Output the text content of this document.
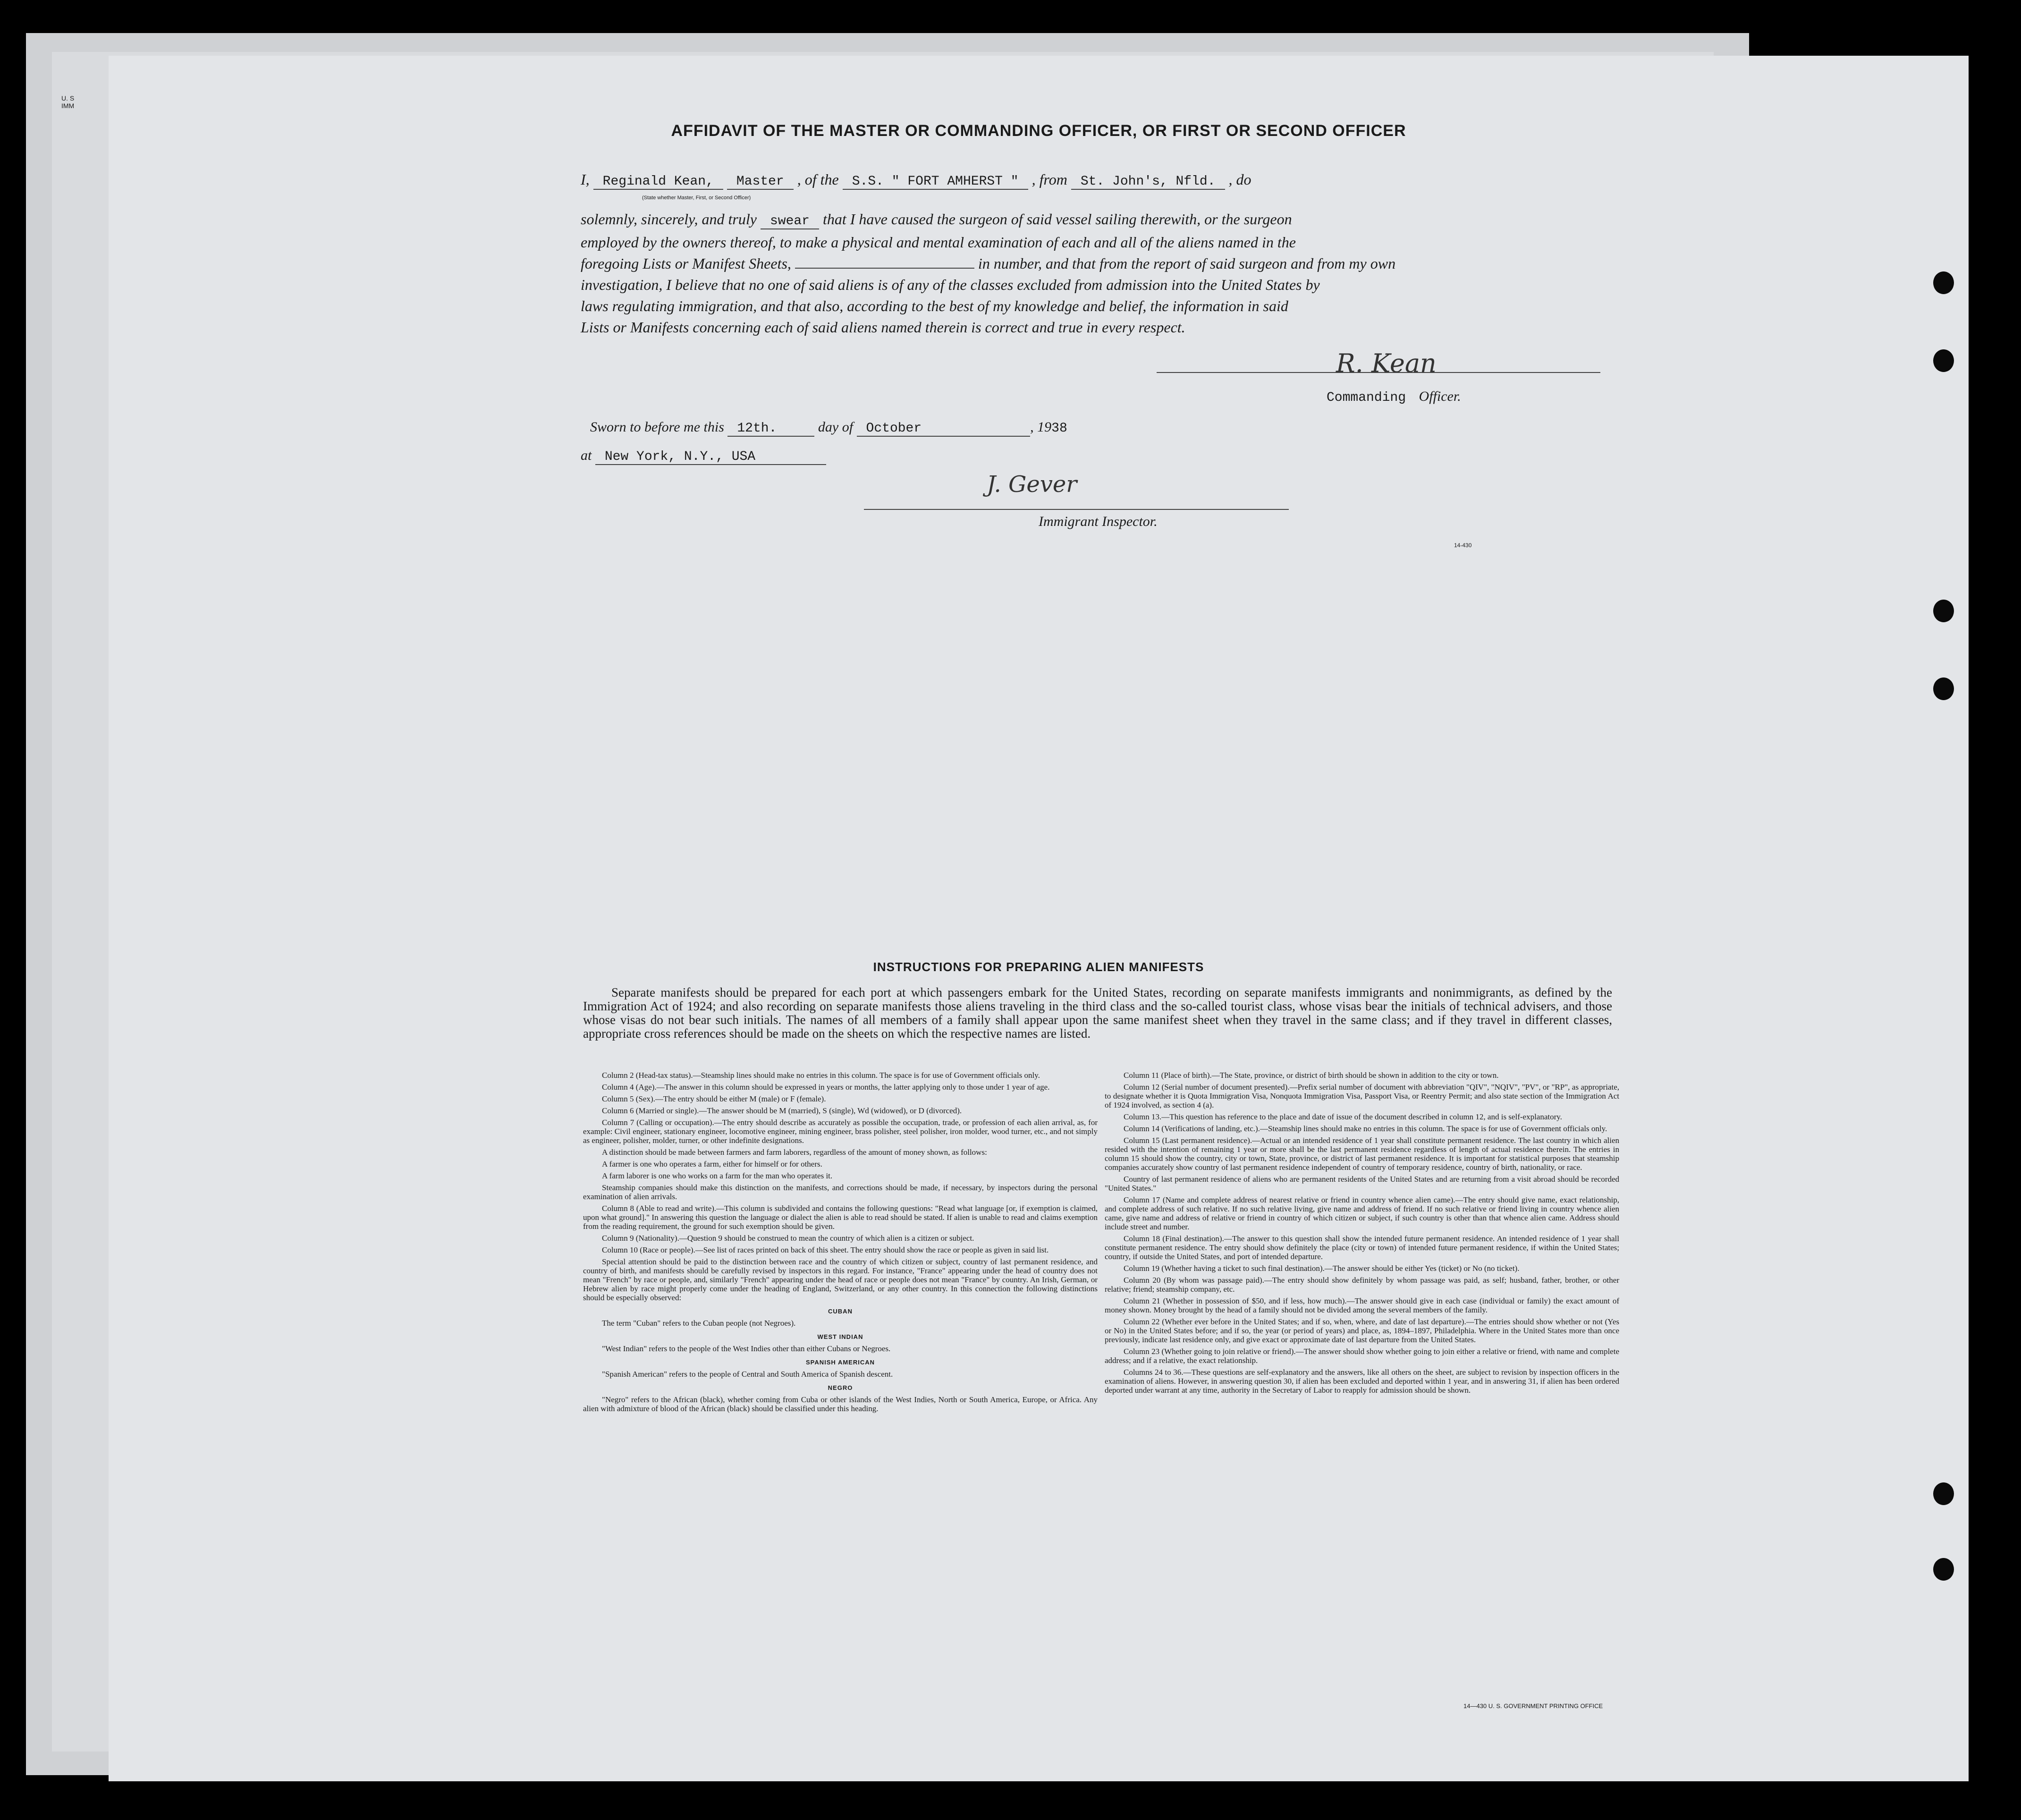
U. S
IMM
AFFIDAVIT OF THE MASTER OR COMMANDING OFFICER, OR FIRST OR SECOND OFFICER
I, Reginald Kean, Master , of the S.S. " FORT AMHERST " , from St. John's, Nfld. , do
(State whether Master, First, or Second Officer)
solemnly, sincerely, and truly swear that I have caused the surgeon of said vessel sailing therewith, or the surgeon
employed by the owners thereof, to make a physical and mental examination of each and all of the aliens named in the
foregoing Lists or Manifest Sheets,	in number, and that from the report of said surgeon and from my own
investigation, I believe that no one of said aliens is of any of the classes excluded from admission into the United States by
laws regulating immigration, and that also, according to the best of my knowledge and belief, the information in said
Lists or Manifests concerning each of said aliens named therein is correct and true in every respect.
R. Kean
Commanding Officer.
Sworn to before me this 12th.	day of October	, 1938
at New York, N.Y., USA
J. Gever
Immigrant Inspector.
14-430
INSTRUCTIONS FOR PREPARING ALIEN MANIFESTS
Separate manifests should be prepared for each port at which passengers embark for the United States, recording on separate manifests immigrants and nonimmigrants, as defined by the Immigration Act of 1924; and also recording on separate manifests those aliens traveling in the third class and the so-called tourist class, whose visas bear the initials of technical advisers, and those whose visas do not bear such initials. The names of all members of a family shall appear upon the same manifest sheet when they travel in the same class; and if they travel in different classes, appropriate cross references should be made on the sheets on which the respective names are listed.

Column 2 (Head-tax status).—Steamship lines should make no entries in this column. The space is for use of Government officials only.

Column 4 (Age).—The answer in this column should be expressed in years or months, the latter applying only to those under 1 year of age.

Column 5 (Sex).—The entry should be either M (male) or F (female).

Column 6 (Married or single).—The answer should be M (married), S (single), Wd (widowed), or D (divorced).

Column 7 (Calling or occupation).—The entry should describe as accurately as possible the occupation, trade, or profession of each alien arrival, as, for example: Civil engineer, stationary engineer, locomotive engineer, mining engineer, brass polisher, steel polisher, iron molder, wood turner, etc., and not simply as engineer, polisher, molder, turner, or other indefinite designations.

A distinction should be made between farmers and farm laborers, regardless of the amount of money shown, as follows:

A farmer is one who operates a farm, either for himself or for others.

A farm laborer is one who works on a farm for the man who operates it.

Steamship companies should make this distinction on the manifests, and corrections should be made, if necessary, by inspectors during the personal examination of alien arrivals.

Column 8 (Able to read and write).—This column is subdivided and contains the following questions: "Read what language [or, if exemption is claimed, upon what ground]." In answering this question the language or dialect the alien is able to read should be stated. If alien is unable to read and claims exemption from the reading requirement, the ground for such exemption should be given.

Column 9 (Nationality).—Question 9 should be construed to mean the country of which alien is a citizen or subject.

Column 10 (Race or people).—See list of races printed on back of this sheet. The entry should show the race or people as given in said list.

Special attention should be paid to the distinction between race and the country of which citizen or subject, country of last permanent residence, and country of birth, and manifests should be carefully revised by inspectors in this regard. For instance, "France" appearing under the head of country does not mean "French" by race or people, and, similarly "French" appearing under the head of race or people does not mean "France" by country. An Irish, German, or Hebrew alien by race might properly come under the heading of England, Switzerland, or any other country. In this connection the following distinctions should be especially observed:

CUBAN

The term "Cuban" refers to the Cuban people (not Negroes).

WEST INDIAN

"West Indian" refers to the people of the West Indies other than either Cubans or Negroes.

SPANISH AMERICAN

"Spanish American" refers to the people of Central and South America of Spanish descent.

NEGRO

"Negro" refers to the African (black), whether coming from Cuba or other islands of the West Indies, North or South America, Europe, or Africa. Any alien with admixture of blood of the African (black) should be classified under this heading.

Column 11 (Place of birth).—The State, province, or district of birth should be shown in addition to the city or town.

Column 12 (Serial number of document presented).—Prefix serial number of document with abbreviation "QIV", "NQIV", "PV", or "RP", as appropriate, to designate whether it is Quota Immigration Visa, Nonquota Immigration Visa, Passport Visa, or Reentry Permit; and also state section of the Immigration Act of 1924 involved, as section 4 (a).

Column 13.—This question has reference to the place and date of issue of the document described in column 12, and is self-explanatory.

Column 14 (Verifications of landing, etc.).—Steamship lines should make no entries in this column. The space is for use of Government officials only.

Column 15 (Last permanent residence).—Actual or an intended residence of 1 year shall constitute permanent residence. The last country in which alien resided with the intention of remaining 1 year or more shall be the last permanent residence regardless of length of actual residence therein. The entries in column 15 should show the country, city or town, State, province, or district of last permanent residence. It is important for statistical purposes that steamship companies accurately show country of last permanent residence independent of country of temporary residence, country of birth, nationality, or race.

Country of last permanent residence of aliens who are permanent residents of the United States and are returning from a visit abroad should be recorded "United States."

Column 17 (Name and complete address of nearest relative or friend in country whence alien came).—The entry should give name, exact relationship, and complete address of such relative. If no such relative living, give name and address of friend. If no such relative or friend living in country whence alien came, give name and address of relative or friend in country of which citizen or subject, if such country is other than that whence alien came. Address should include street and number.

Column 18 (Final destination).—The answer to this question shall show the intended future permanent residence. An intended residence of 1 year shall constitute permanent residence. The entry should show definitely the place (city or town) of intended future permanent residence, if within the United States; country, if outside the United States, and port of intended departure.

Column 19 (Whether having a ticket to such final destination).—The answer should be either Yes (ticket) or No (no ticket).

Column 20 (By whom was passage paid).—The entry should show definitely by whom passage was paid, as self; husband, father, brother, or other relative; friend; steamship company, etc.

Column 21 (Whether in possession of $50, and if less, how much).—The answer should give in each case (individual or family) the exact amount of money shown. Money brought by the head of a family should not be divided among the several members of the family.

Column 22 (Whether ever before in the United States; and if so, when, where, and date of last departure).—The entries should show whether or not (Yes or No) in the United States before; and if so, the year (or period of years) and place, as, 1894–1897, Philadelphia. Where in the United States more than once previously, indicate last residence only, and give exact or approximate date of last departure from the United States.

Column 23 (Whether going to join relative or friend).—The answer should show whether going to join either a relative or friend, with name and complete address; and if a relative, the exact relationship.

Columns 24 to 36.—These questions are self-explanatory and the answers, like all others on the sheet, are subject to revision by inspection officers in the examination of aliens. However, in answering question 30, if alien has been excluded and deported within 1 year, and in answering 31, if alien has been ordered deported under warrant at any time, authority in the Secretary of Labor to reapply for admission should be shown.

14—430 U. S. GOVERNMENT PRINTING OFFICE
